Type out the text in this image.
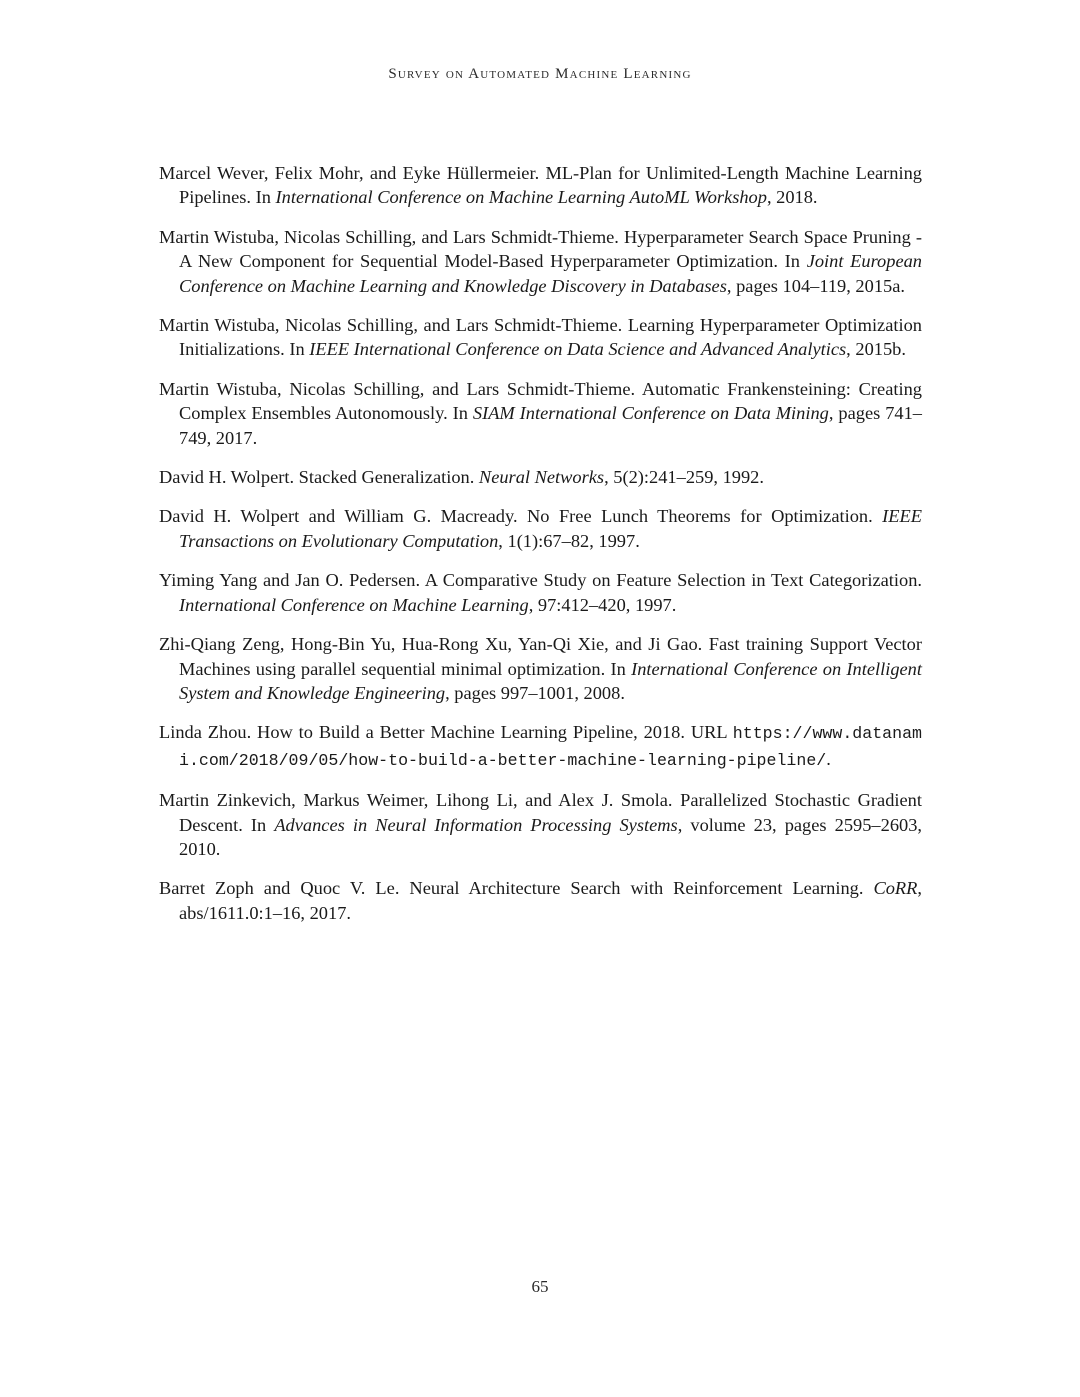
Survey on Automated Machine Learning
Marcel Wever, Felix Mohr, and Eyke Hüllermeier. ML-Plan for Unlimited-Length Machine Learning Pipelines. In International Conference on Machine Learning AutoML Workshop, 2018.
Martin Wistuba, Nicolas Schilling, and Lars Schmidt-Thieme. Hyperparameter Search Space Pruning - A New Component for Sequential Model-Based Hyperparameter Optimization. In Joint European Conference on Machine Learning and Knowledge Discovery in Databases, pages 104–119, 2015a.
Martin Wistuba, Nicolas Schilling, and Lars Schmidt-Thieme. Learning Hyperparameter Optimization Initializations. In IEEE International Conference on Data Science and Advanced Analytics, 2015b.
Martin Wistuba, Nicolas Schilling, and Lars Schmidt-Thieme. Automatic Frankensteining: Creating Complex Ensembles Autonomously. In SIAM International Conference on Data Mining, pages 741–749, 2017.
David H. Wolpert. Stacked Generalization. Neural Networks, 5(2):241–259, 1992.
David H. Wolpert and William G. Macready. No Free Lunch Theorems for Optimization. IEEE Transactions on Evolutionary Computation, 1(1):67–82, 1997.
Yiming Yang and Jan O. Pedersen. A Comparative Study on Feature Selection in Text Categorization. International Conference on Machine Learning, 97:412–420, 1997.
Zhi-Qiang Zeng, Hong-Bin Yu, Hua-Rong Xu, Yan-Qi Xie, and Ji Gao. Fast training Support Vector Machines using parallel sequential minimal optimization. In International Conference on Intelligent System and Knowledge Engineering, pages 997–1001, 2008.
Linda Zhou. How to Build a Better Machine Learning Pipeline, 2018. URL https://www.datanami.com/2018/09/05/how-to-build-a-better-machine-learning-pipeline/.
Martin Zinkevich, Markus Weimer, Lihong Li, and Alex J. Smola. Parallelized Stochastic Gradient Descent. In Advances in Neural Information Processing Systems, volume 23, pages 2595–2603, 2010.
Barret Zoph and Quoc V. Le. Neural Architecture Search with Reinforcement Learning. CoRR, abs/1611.0:1–16, 2017.
65
